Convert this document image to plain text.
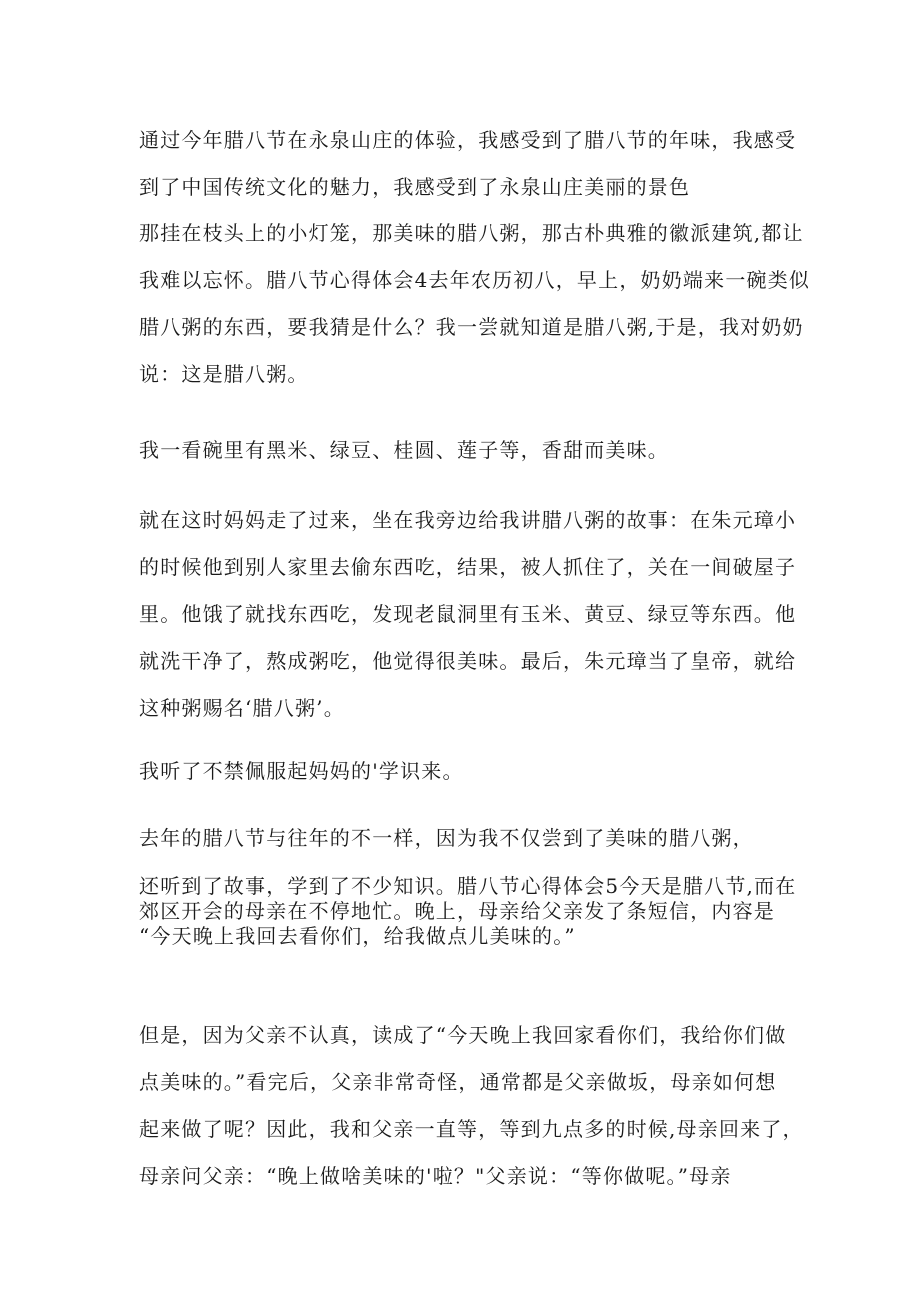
通过今年腊八节在永泉山庄的体验，我感受到了腊八节的年味，我感受
到了中国传统文化的魅力，我感受到了永泉山庄美丽的景色

那挂在枝头上的小灯笼，那美味的腊八粥，那古朴典雅的徽派建筑,都让
我难以忘怀。腊八节心得体会4去年农历初八，早上，奶奶端来一碗类似
腊八粥的东西，要我猜是什么？我一尝就知道是腊八粥,于是，我对奶奶
说：这是腊八粥。

我一看碗里有黑米、绿豆、桂圆、莲子等，香甜而美味。

就在这时妈妈走了过来，坐在我旁边给我讲腊八粥的故事：在朱元璋小
的时候他到别人家里去偷东西吃，结果，被人抓住了，关在一间破屋子
里。他饿了就找东西吃，发现老鼠洞里有玉米、黄豆、绿豆等东西。他
就洗干净了，熬成粥吃，他觉得很美味。最后，朱元璋当了皇帝，就给
这种粥赐名‘腊八粥’。

我听了不禁佩服起妈妈的'学识来。

去年的腊八节与往年的不一样，因为我不仅尝到了美味的腊八粥，

还听到了故事，学到了不少知识。腊八节心得体会5今天是腊八节,而在
郊区开会的母亲在不停地忙。晚上，母亲给父亲发了条短信，内容是
“今天晚上我回去看你们，给我做点儿美味的。”

但是，因为父亲不认真，读成了“今天晚上我回家看你们，我给你们做
点美味的。”看完后，父亲非常奇怪，通常都是父亲做坂，母亲如何想
起来做了呢？因此，我和父亲一直等，等到九点多的时候,母亲回来了，
母亲问父亲：“晚上做啥美味的'啦？"父亲说：“等你做呢。”母亲
